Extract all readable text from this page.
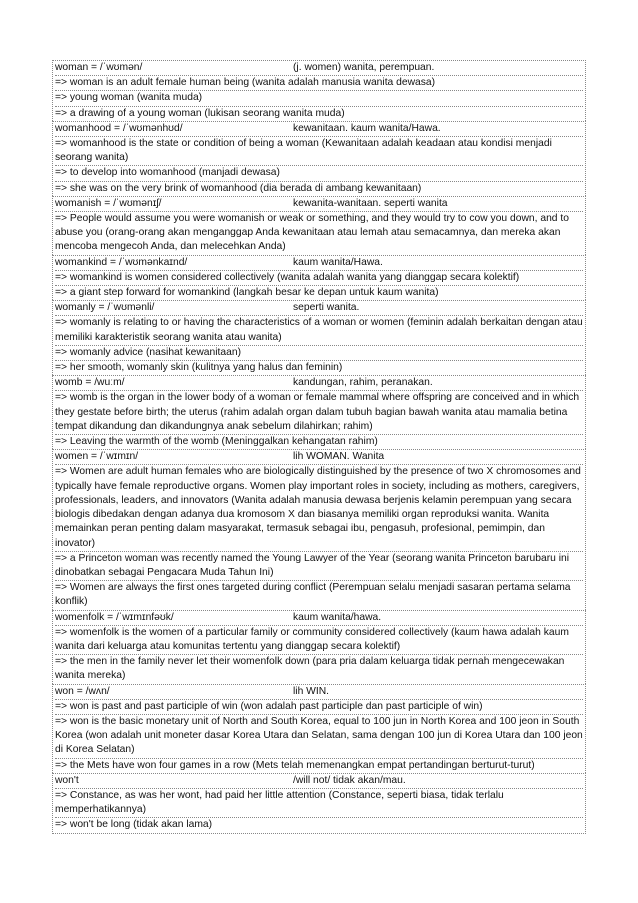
woman = /ˈwʊmən/	(j. women) wanita, perempuan.
=> woman is an adult female human being (wanita adalah manusia wanita dewasa)
=> young woman (wanita muda)
=> a drawing of a young woman (lukisan seorang wanita muda)
womanhood = /ˈwʊmənhʊd/	kewanitaan. kaum wanita/Hawa.
=> womanhood is the state or condition of being a woman (Kewanitaan adalah keadaan atau kondisi menjadi seorang wanita)
=> to develop into womanhood (manjadi dewasa)
=> she was on the very brink of womanhood (dia berada di ambang kewanitaan)
womanish = /ˈwʊmənɪʃ/	kewanita-wanitaan. seperti wanita
=> People would assume you were womanish or weak or something, and they would try to cow you down, and to abuse you (orang-orang akan menganggap Anda kewanitaan atau lemah atau semacamnya, dan mereka akan mencoba mengecoh Anda, dan melecehkan Anda)
womankind = /ˈwʊmənkaɪnd/	kaum wanita/Hawa.
=> womankind is women considered collectively (wanita adalah wanita yang dianggap secara kolektif)
=> a giant step forward for womankind (langkah besar ke depan untuk kaum wanita)
womanly = /ˈwʊmənli/	seperti wanita.
=> womanly is relating to or having the characteristics of a woman or women (feminin adalah berkaitan dengan atau memiliki karakteristik seorang wanita atau wanita)
=> womanly advice (nasihat kewanitaan)
=> her smooth, womanly skin (kulitnya yang halus dan feminin)
womb = /wuːm/	kandungan, rahim, peranakan.
=> womb is the organ in the lower body of a woman or female mammal where offspring are conceived and in which they gestate before birth; the uterus (rahim adalah organ dalam tubuh bagian bawah wanita atau mamalia betina tempat dikandung dan dikandungnya anak sebelum dilahirkan; rahim)
=> Leaving the warmth of the womb (Meninggalkan kehangatan rahim)
women = /ˈwɪmɪn/	lih WOMAN. Wanita
=> Women are adult human females who are biologically distinguished by the presence of two X chromosomes and typically have female reproductive organs. Women play important roles in society, including as mothers, caregivers, professionals, leaders, and innovators (Wanita adalah manusia dewasa berjenis kelamin perempuan yang secara biologis dibedakan dengan adanya dua kromosom X dan biasanya memiliki organ reproduksi wanita. Wanita memainkan peran penting dalam masyarakat, termasuk sebagai ibu, pengasuh, profesional, pemimpin, dan inovator)
=> a Princeton woman was recently named the Young Lawyer of the Year (seorang wanita Princeton barubaru ini dinobatkan sebagai Pengacara Muda Tahun Ini)
=> Women are always the first ones targeted during conflict (Perempuan selalu menjadi sasaran pertama selama konflik)
womenfolk = /ˈwɪmɪnfəʊk/	kaum wanita/hawa.
=> womenfolk is the women of a particular family or community considered collectively (kaum hawa adalah kaum wanita dari keluarga atau komunitas tertentu yang dianggap secara kolektif)
=> the men in the family never let their womenfolk down (para pria dalam keluarga tidak pernah mengecewakan wanita mereka)
won = /wʌn/	lih WIN.
=> won is past and past participle of win (won adalah past participle dan past participle of win)
=> won is the basic monetary unit of North and South Korea, equal to 100 jun in North Korea and 100 jeon in South Korea (won adalah unit moneter dasar Korea Utara dan Selatan, sama dengan 100 jun di Korea Utara dan 100 jeon di Korea Selatan)
=> the Mets have won four games in a row (Mets telah memenangkan empat pertandingan berturut-turut)
won't	/will not/ tidak akan/mau.
=> Constance, as was her wont, had paid her little attention (Constance, seperti biasa, tidak terlalu memperhatikannya)
=> won't be long (tidak akan lama)
